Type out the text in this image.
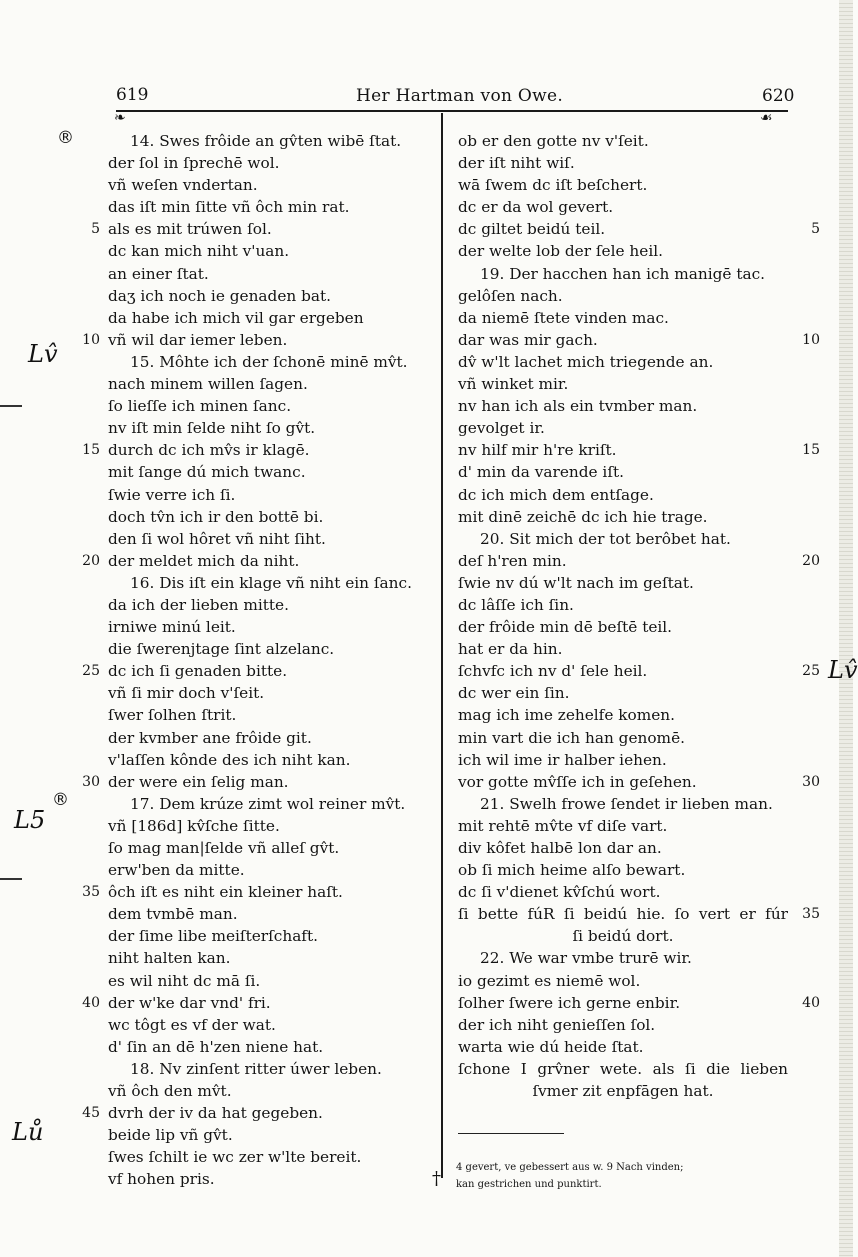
619	Her Hartman von Owe.	620
❧	☙
†
®
®
Lv̂
L5
Lů
Lv̂
14. Swes frôide an gv̂ten wibē ſtat.
der ſol in ſprechē wol.
vñ weſen vndertan.
das iſt min ſitte vñ ôch min rat.
als es mit trúwen ſol.
5
dc kan mich niht v'uan.
an einer ſtat.
daʒ ich noch ie genaden bat.
da habe ich mich vil gar ergeben
vñ wil dar iemer leben.
10
15. Môhte ich der ſchonē minē mv̂t.
nach minem willen ſagen.
ſo lieſſe ich minen ſanc.
nv iſt min ſelde niht ſo gv̂t.
durch dc ich mv̂s ir klagē.
15
mit ſange dú mich twanc.
ſwie verre ich ſi.
doch tv̂n ich ir den bottē bi.
den ſi wol hôret vñ niht ſiht.
der meldet mich da niht.
20
16. Dis iſt ein klage vñ niht ein ſanc.
da ich der lieben mitte.
irniwe minú leit.
die ſwerenjtage ſint alzelanc.
dc ich ſi genaden bitte.
25
vñ ſi mir doch v'ſeit.
ſwer ſolhen ſtrit.
der kvmber ane frôide git.
v'laſſen kônde des ich niht kan.
der were ein ſelig man.
30
17. Dem krúze zimt wol reiner mv̂t.
vñ [186d] kv̂ſche ſitte.
ſo mag man|ſelde vñ alleſ gv̂t.
erw'ben da mitte.
ôch iſt es niht ein kleiner haſt.
35
dem tvmbē man.
der ſime libe meiſterſchaft.
niht halten kan.
es wil niht dc mā ſi.
der w'ke dar vnd' fri.
40
wc tôgt es vf der wat.
d' ſin an dē h'zen niene hat.
18. Nv zinſent ritter úwer leben.
vñ ôch den mv̂t.
dvrh der iv da hat gegeben.
45
beide lip vñ gv̂t.
ſwes ſchilt ie wc zer w'lte bereit.
vf hohen pris.
ob er den gotte nv v'ſeit.
der iſt niht wiſ.
wā ſwem dc iſt beſchert.
dc er da wol gevert.
dc giltet beidú teil.	5
der welte lob der ſele heil.
19. Der hacchen han ich manigē tac.
gelôſen nach.
da niemē ſtete vinden mac.
dar was mir gach.	10
dv̂ w'lt lachet mich triegende an.
vñ winket mir.
nv han ich als ein tvmber man.
gevolget ir.
nv hilf mir h're kriſt.	15
d' min da varende iſt.
dc ich mich dem entſage.
mit dinē zeichē dc ich hie trage.
20. Sit mich der tot berôbet hat.
deſ h'ren min.	20
ſwie nv dú w'lt nach im geſtat.
dc lâſſe ich ſin.
der frôide min dē beſtē teil.
hat er da hin.
ſchvfc ich nv d' ſele heil.	25
dc wer ein ſin.
mag ich ime zehelfe komen.
min vart die ich han genomē.
ich wil ime ir halber iehen.
vor gotte mv̂ſſe ich in geſehen.	30
21. Swelh frowe ſendet ir lieben man.
mit rehtē mv̂te vf diſe vart.
div kôfet halbē lon dar an.
ob ſi mich heime alſo bewart.
dc ſi v'dienet kv̂ſchú wort.
ſi bette fúR ſi beidú hie. ſo vert er fúr 35
ſi beidú dort.
22. We war vmbe trurē wir.
io gezimt es niemē wol.
ſolher ſwere ich gerne enbir.	40
der ich niht genieſſen ſol.
warta wie dú heide ſtat.
ſchone I grv̂ner wete. als ſi die lieben
ſvmer zit enpfāgen hat.
4 gevert, ve gebessert aus w. 9 Nach vinden;
kan gestrichen und punktirt.
